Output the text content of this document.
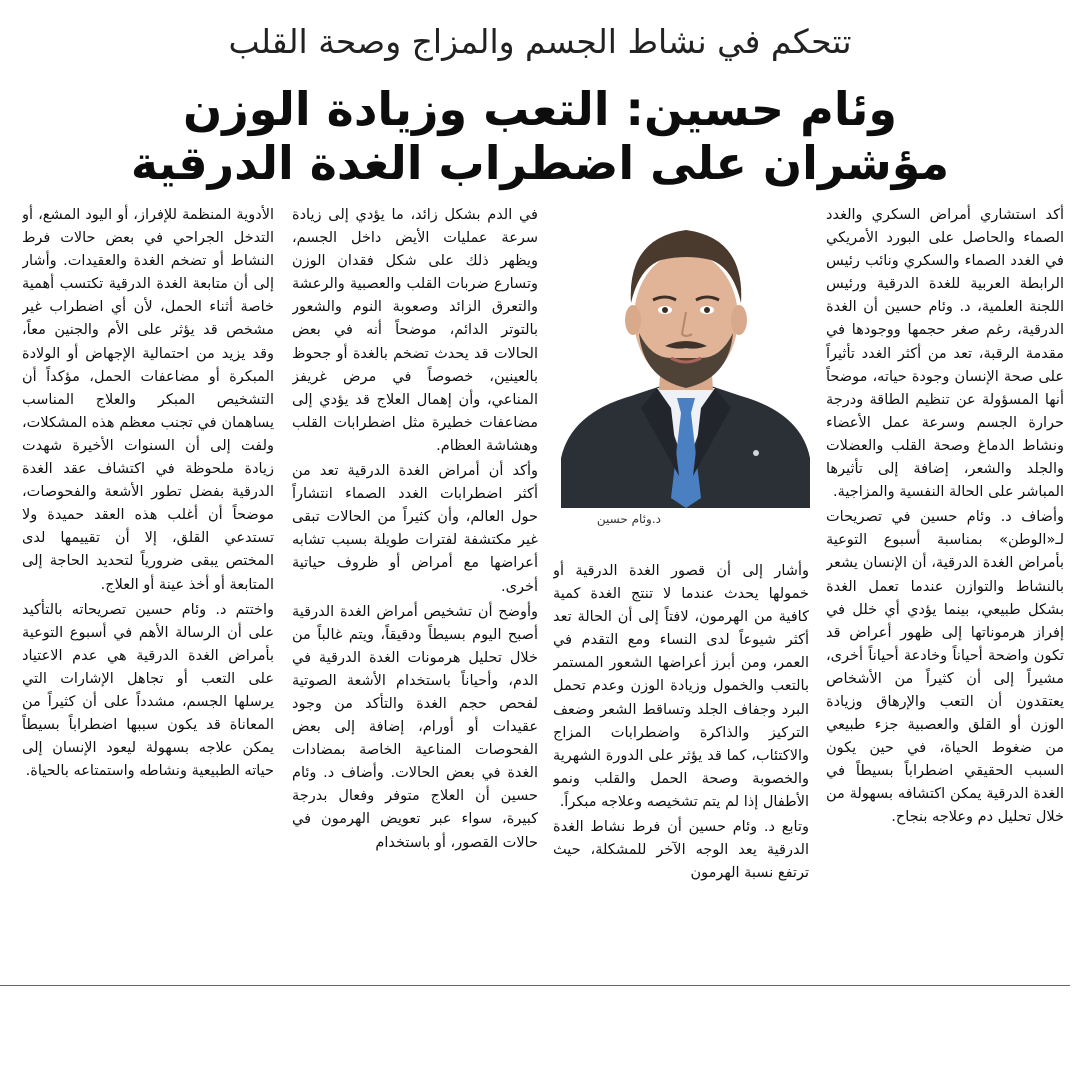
تتحكم في نشاط الجسم والمزاج وصحة القلب
وئام حسين: التعب وزيادة الوزن
مؤشران على اضطراب الغدة الدرقية

أكد استشاري أمراض السكري والغدد الصماء والحاصل على البورد الأمريكي في الغدد الصماء والسكري ونائب رئيس الرابطة العربية للغدة الدرقية ورئيس اللجنة العلمية، د. وئام حسين أن الغدة الدرقية، رغم صغر حجمها ووجودها في مقدمة الرقبة، تعد من أكثر الغدد تأثيراً على صحة الإنسان وجودة حياته، موضحاً أنها المسؤولة عن تنظيم الطاقة ودرجة حرارة الجسم وسرعة عمل الأعضاء ونشاط الدماغ وصحة القلب والعضلات والجلد والشعر، إضافة إلى تأثيرها المباشر على الحالة النفسية والمزاجية.

وأضاف د. وئام حسين في تصريحات لـ«الوطن» بمناسبة أسبوع التوعية بأمراض الغدة الدرقية، أن الإنسان يشعر بالنشاط والتوازن عندما تعمل الغدة بشكل طبيعي، بينما يؤدي أي خلل في إفراز هرموناتها إلى ظهور أعراض قد تكون واضحة أحياناً وخادعة أحياناً أخرى، مشيراً إلى أن كثيراً من الأشخاص يعتقدون أن التعب والإرهاق وزيادة الوزن أو القلق والعصبية جزء طبيعي من ضغوط الحياة، في حين يكون السبب الحقيقي اضطراباً بسيطاً في الغدة الدرقية يمكن اكتشافه بسهولة من خلال تحليل دم وعلاجه بنجاح.

د.وئام حسين

وأشار إلى أن قصور الغدة الدرقية أو خمولها يحدث عندما لا تنتج الغدة كمية كافية من الهرمون، لافتاً إلى أن الحالة تعد أكثر شيوعاً لدى النساء ومع التقدم في العمر، ومن أبرز أعراضها الشعور المستمر بالتعب والخمول وزيادة الوزن وعدم تحمل البرد وجفاف الجلد وتساقط الشعر وضعف التركيز والذاكرة واضطرابات المزاج والاكتئاب، كما قد يؤثر على الدورة الشهرية والخصوبة وصحة الحمل والقلب ونمو الأطفال إذا لم يتم تشخيصه وعلاجه مبكراً.

وتابع د. وئام حسين أن فرط نشاط الغدة الدرقية يعد الوجه الآخر للمشكلة، حيث ترتفع نسبة الهرمون

في الدم بشكل زائد، ما يؤدي إلى زيادة سرعة عمليات الأيض داخل الجسم، ويظهر ذلك على شكل فقدان الوزن وتسارع ضربات القلب والعصبية والرعشة والتعرق الزائد وصعوبة النوم والشعور بالتوتر الدائم، موضحاً أنه في بعض الحالات قد يحدث تضخم بالغدة أو جحوظ بالعينين، خصوصاً في مرض غريفز المناعي، وأن إهمال العلاج قد يؤدي إلى مضاعفات خطيرة مثل اضطرابات القلب وهشاشة العظام.

وأكد أن أمراض الغدة الدرقية تعد من أكثر اضطرابات الغدد الصماء انتشاراً حول العالم، وأن كثيراً من الحالات تبقى غير مكتشفة لفترات طويلة بسبب تشابه أعراضها مع أمراض أو ظروف حياتية أخرى.

وأوضح أن تشخيص أمراض الغدة الدرقية أصبح اليوم بسيطاً ودقيقاً، ويتم غالباً من خلال تحليل هرمونات الغدة الدرقية في الدم، وأحياناً باستخدام الأشعة الصوتية لفحص حجم الغدة والتأكد من وجود عقيدات أو أورام، إضافة إلى بعض الفحوصات المناعية الخاصة بمضادات الغدة في بعض الحالات. وأضاف د. وئام حسين أن العلاج متوفر وفعال بدرجة كبيرة، سواء عبر تعويض الهرمون في حالات القصور، أو باستخدام

الأدوية المنظمة للإفراز، أو اليود المشع، أو التدخل الجراحي في بعض حالات فرط النشاط أو تضخم الغدة والعقيدات. وأشار إلى أن متابعة الغدة الدرقية تكتسب أهمية خاصة أثناء الحمل، لأن أي اضطراب غير مشخص قد يؤثر على الأم والجنين معاً، وقد يزيد من احتمالية الإجهاض أو الولادة المبكرة أو مضاعفات الحمل، مؤكداً أن التشخيص المبكر والعلاج المناسب يساهمان في تجنب معظم هذه المشكلات، ولفت إلى أن السنوات الأخيرة شهدت زيادة ملحوظة في اكتشاف عقد الغدة الدرقية بفضل تطور الأشعة والفحوصات، موضحاً أن أغلب هذه العقد حميدة ولا تستدعي القلق، إلا أن تقييمها لدى المختص يبقى ضرورياً لتحديد الحاجة إلى المتابعة أو أخذ عينة أو العلاج.

واختتم د. وئام حسين تصريحاته بالتأكيد على أن الرسالة الأهم في أسبوع التوعية بأمراض الغدة الدرقية هي عدم الاعتياد على التعب أو تجاهل الإشارات التي يرسلها الجسم، مشدداً على أن كثيراً من المعاناة قد يكون سببها اضطراباً بسيطاً يمكن علاجه بسهولة ليعود الإنسان إلى حياته الطبيعية ونشاطه واستمتاعه بالحياة.
